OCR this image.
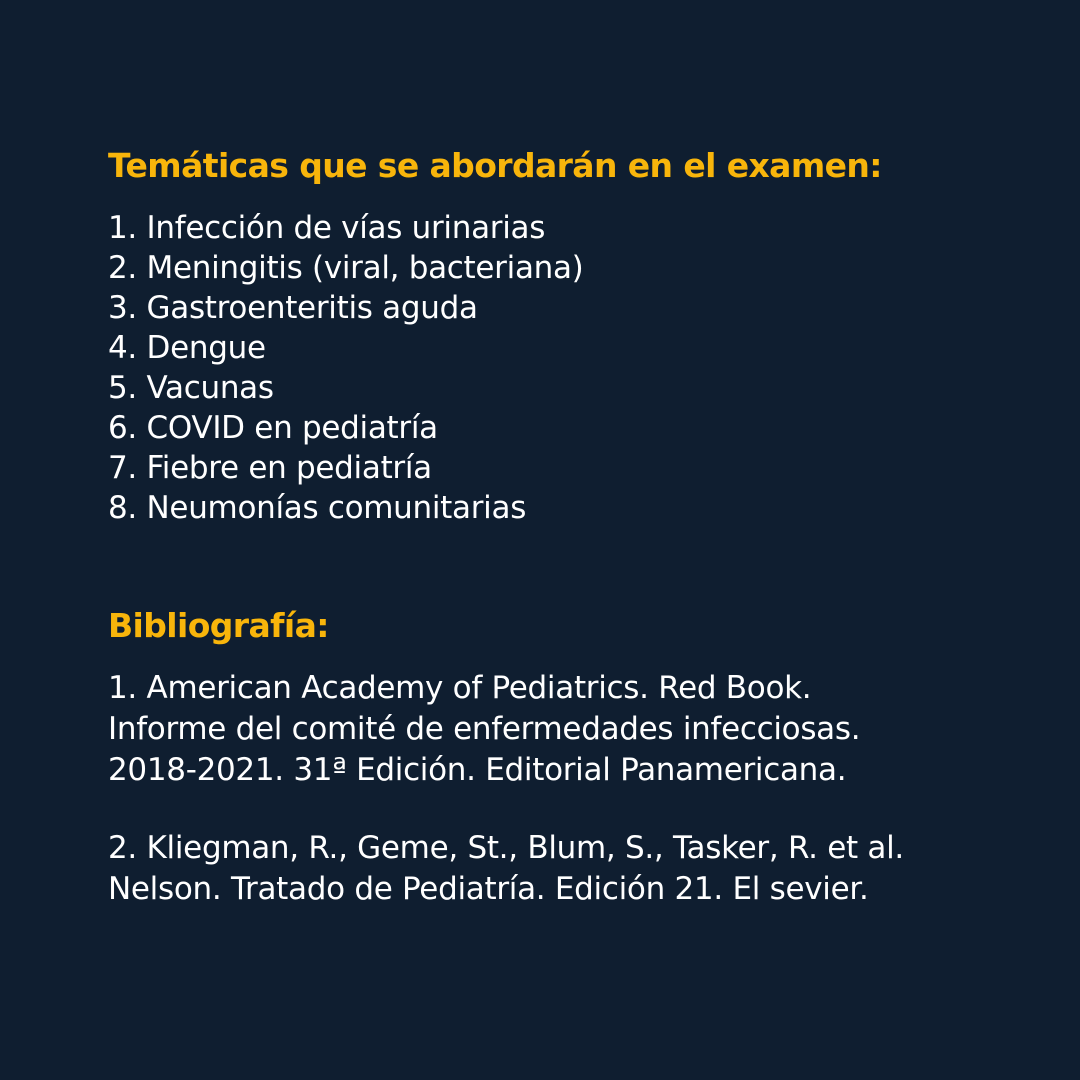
Temáticas que se abordarán en el examen:
1. Infección de vías urinarias
2. Meningitis (viral, bacteriana)
3. Gastroenteritis aguda
4. Dengue
5. Vacunas
6. COVID en pediatría
7. Fiebre en pediatría
8. Neumonías comunitarias
Bibliografía:

1. American Academy of Pediatrics. Red Book.
Informe del comité de enfermedades infecciosas.
2018-2021. 31ª Edición. Editorial Panamericana.

2. Kliegman, R., Geme, St., Blum, S., Tasker, R. et al.
Nelson. Tratado de Pediatría. Edición 21. El sevier.
